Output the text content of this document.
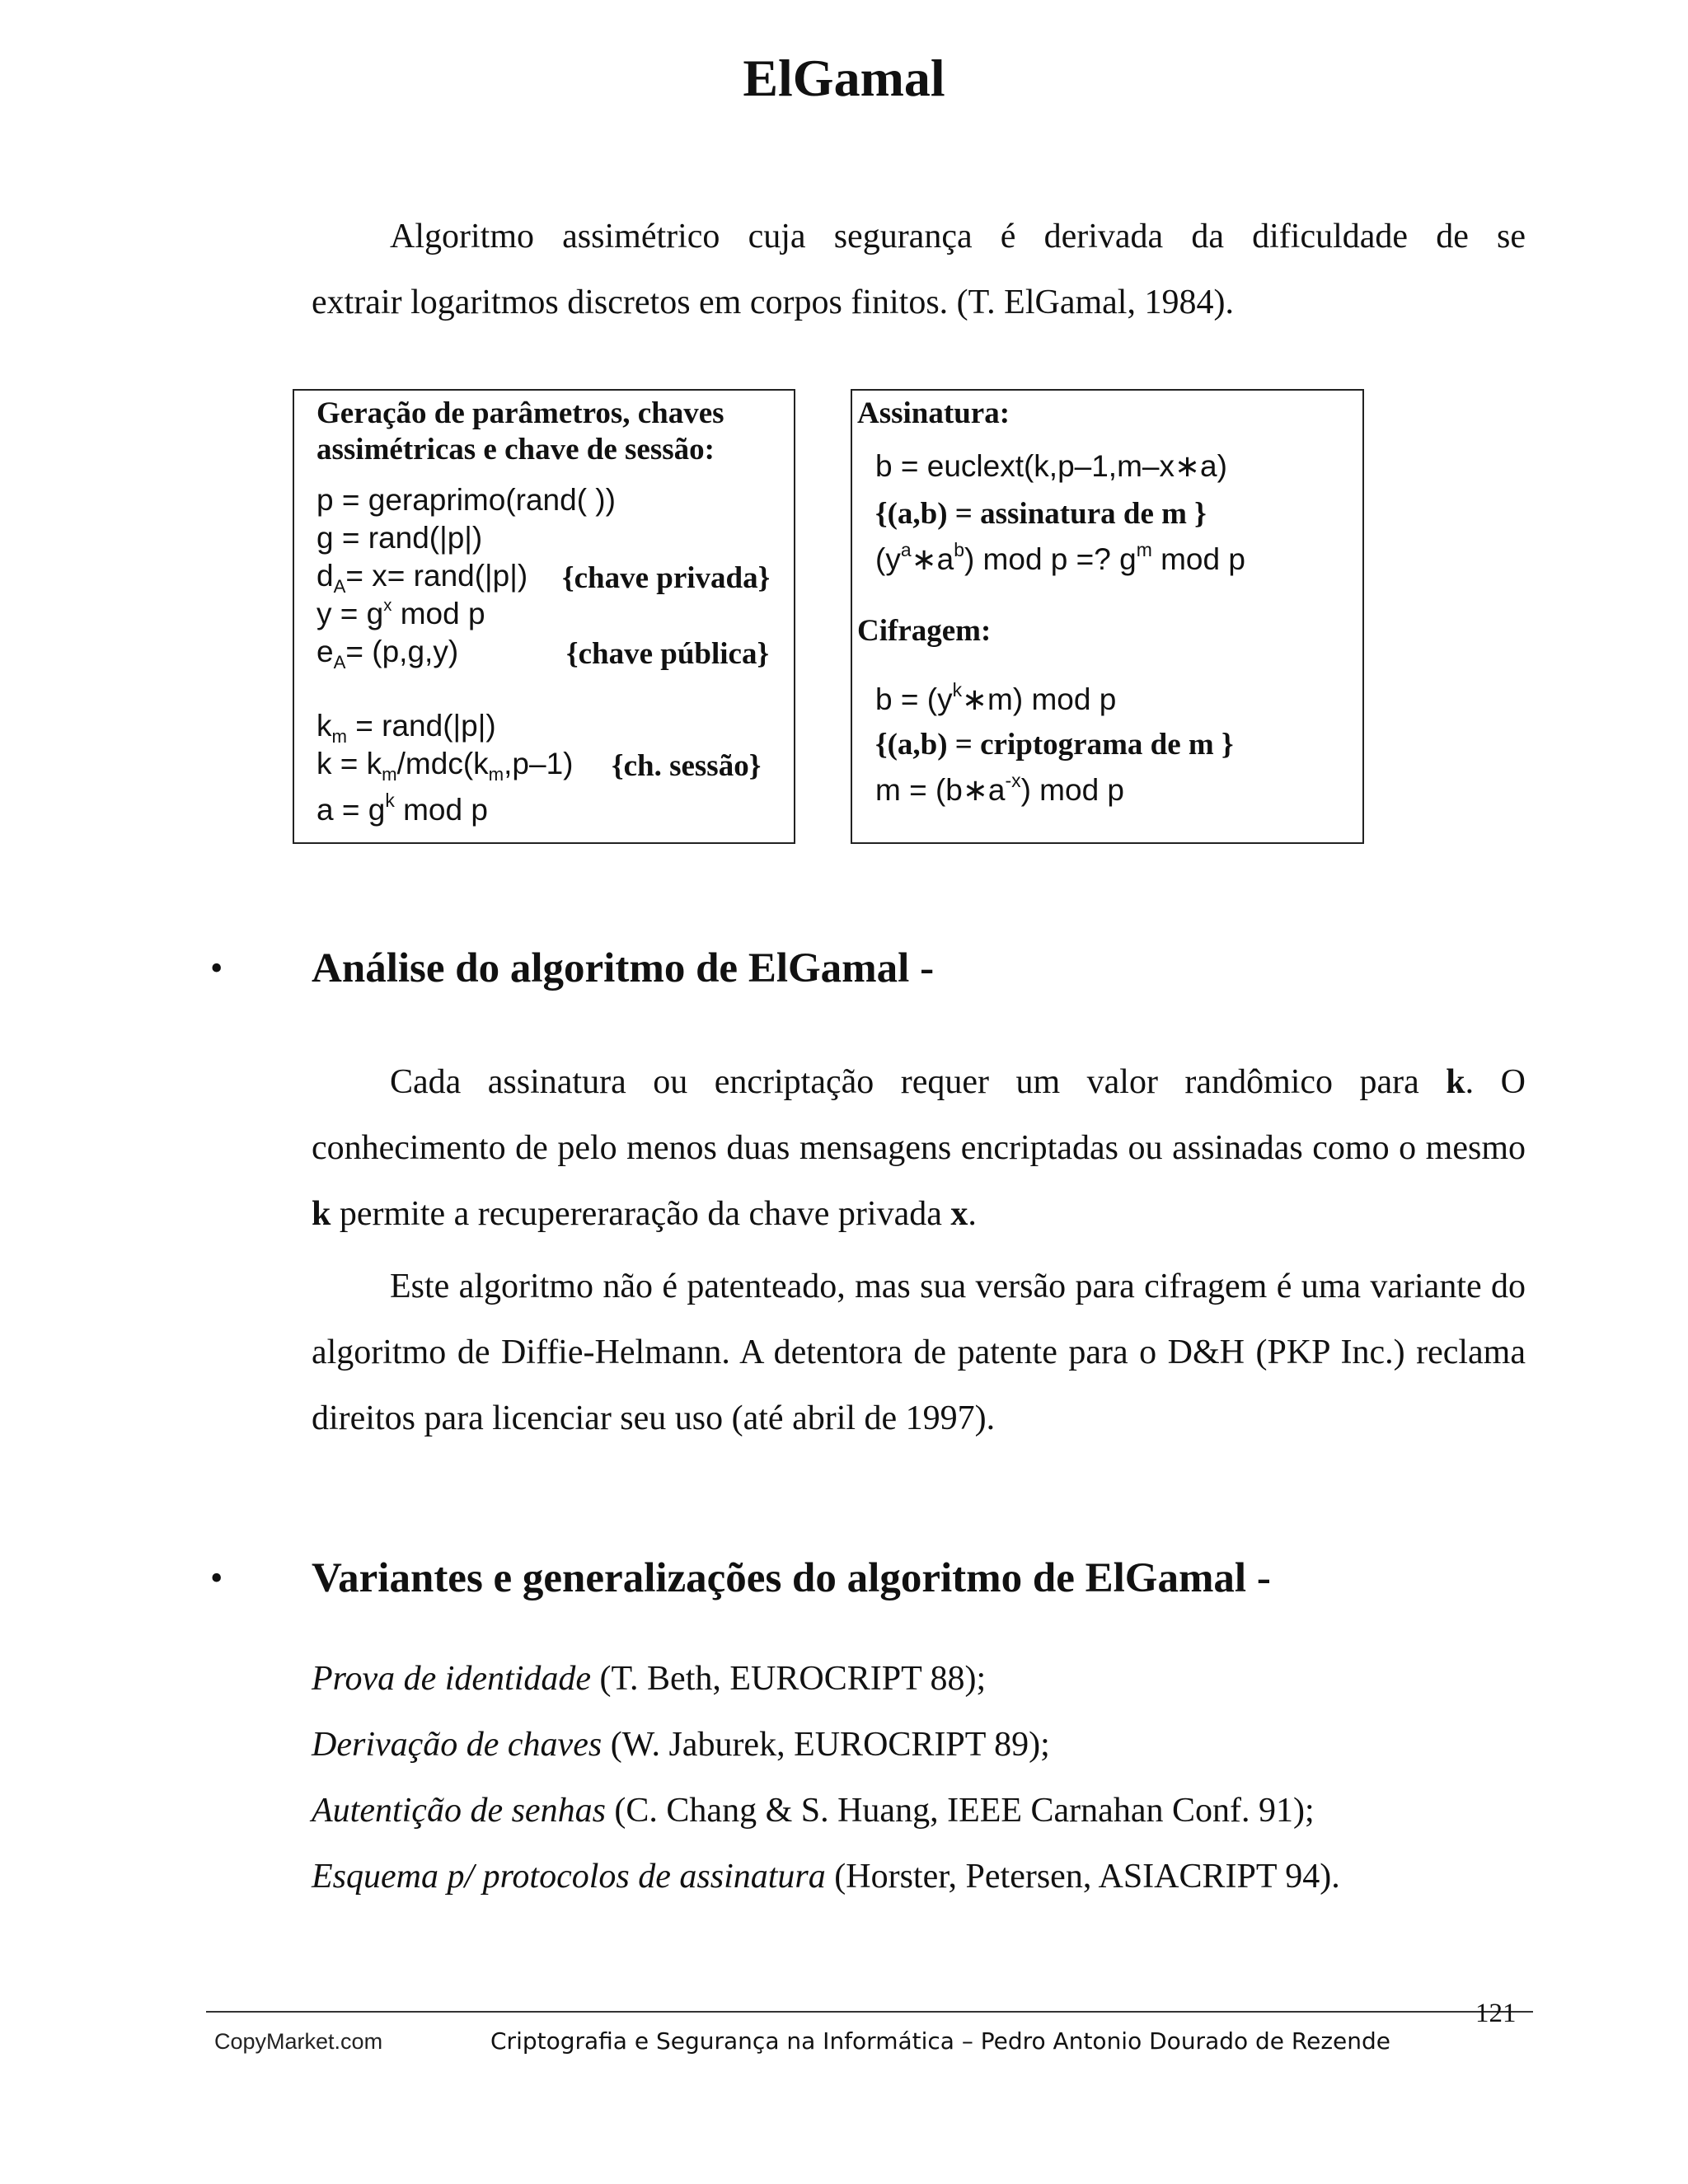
ElGamal
Algoritmo assimétrico cuja segurança é derivada da dificuldade de se
extrair logaritmos discretos em corpos finitos. (T. ElGamal, 1984).
Geração de parâmetros, chaves
assimétricas e chave de sessão:
p = geraprimo(rand( ))
g = rand(|p|)
$d_A= x=$ rand(|p|) {chave privada}
$y = g^x$ mod p
$e_A= (p,g,y)$	{chave pública}
$k_m$ = rand(|p|)
$k = k_m/mdc(k_m,p-1)$ {ch. sessão}
$a = g^k$ mod p
Assinatura:
b = euclext(k,p–1,m–x∗a)
{(a,b) = assinatura de m }
$(y^a∗a^b)$ mod p =? $g^m$ mod p
Cifragem:
$b = (y^k∗m)$ mod p
{(a,b) = criptograma de m }
$m = (b∗a^{-x})$ mod p
• Análise do algoritmo de ElGamal -
Cada assinatura ou encriptação requer um valor randômico para k. O conhecimento de pelo menos duas mensagens encriptadas ou assinadas como o mesmo k permite a recupereraração da chave privada x.
Este algoritmo não é patenteado, mas sua versão para cifragem é uma variante do algoritmo de Diffie-Helmann. A detentora de patente para o D&H (PKP Inc.) reclama direitos para licenciar seu uso (até abril de 1997).
• Variantes e generalizações do algoritmo de ElGamal -
Prova de identidade (T. Beth, EUROCRIPT 88);
Derivação de chaves (W. Jaburek, EUROCRIPT 89);
Autentição de senhas (C. Chang & S. Huang, IEEE Carnahan Conf. 91);
Esquema p/ protocolos de assinatura (Horster, Petersen, ASIACRIPT 94).
121
CopyMarket.com	Criptografia e Segurança na Informática – Pedro Antonio Dourado de Rezende
